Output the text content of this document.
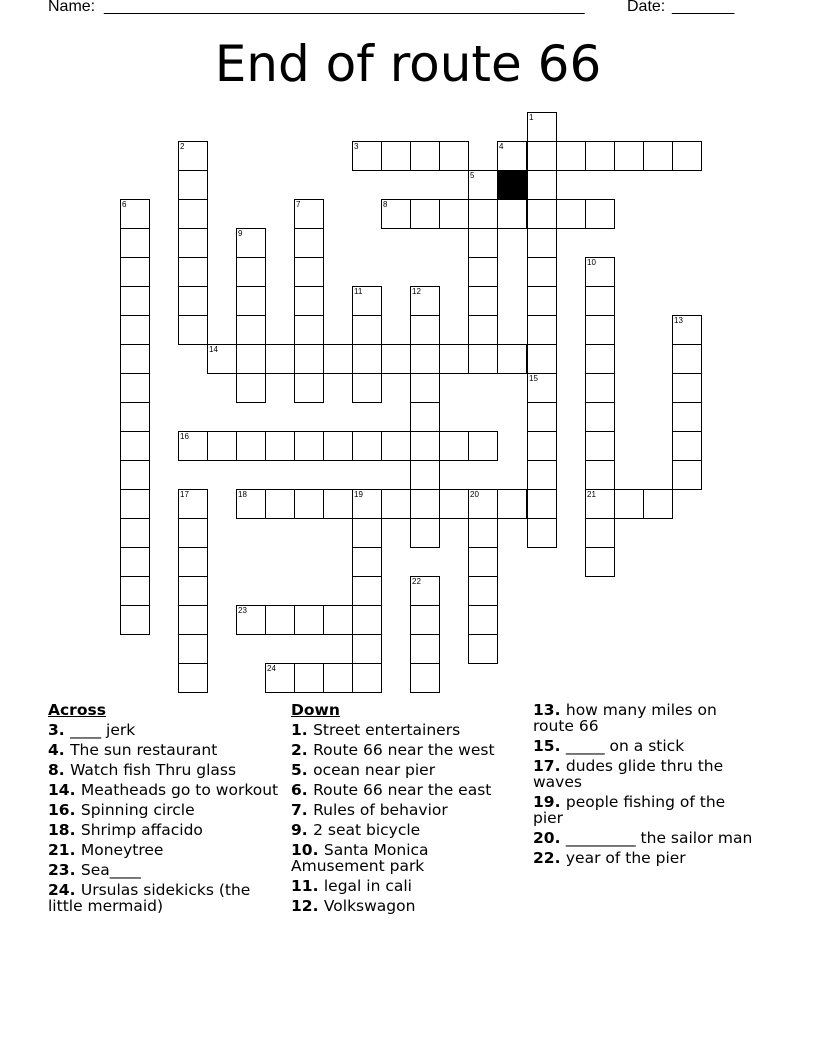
Name:

______________________________________________________

	Date:

_______

End of route 66
1
2	3	4
5
6	7	8
9
10
11	12
13
14
15
16
17	18	19	20	21
22
23
24
Across
3. ____ jerk
4. The sun restaurant
8. Watch fish Thru glass
14. Meatheads go to workout
16. Spinning circle
18. Shrimp affacido
21. Moneytree
23. Sea____
24. Ursulas sidekicks (the little mermaid)
Down
1. Street entertainers
2. Route 66 near the west
5. ocean near pier
6. Route 66 near the east
7. Rules of behavior
9. 2 seat bicycle
10. Santa Monica Amusement park
11. legal in cali
12. Volkswagon
13. how many miles on route 66
15. _____ on a stick
17. dudes glide thru the waves
19. people fishing of the pier
20. _________ the sailor man
22. year of the pier
